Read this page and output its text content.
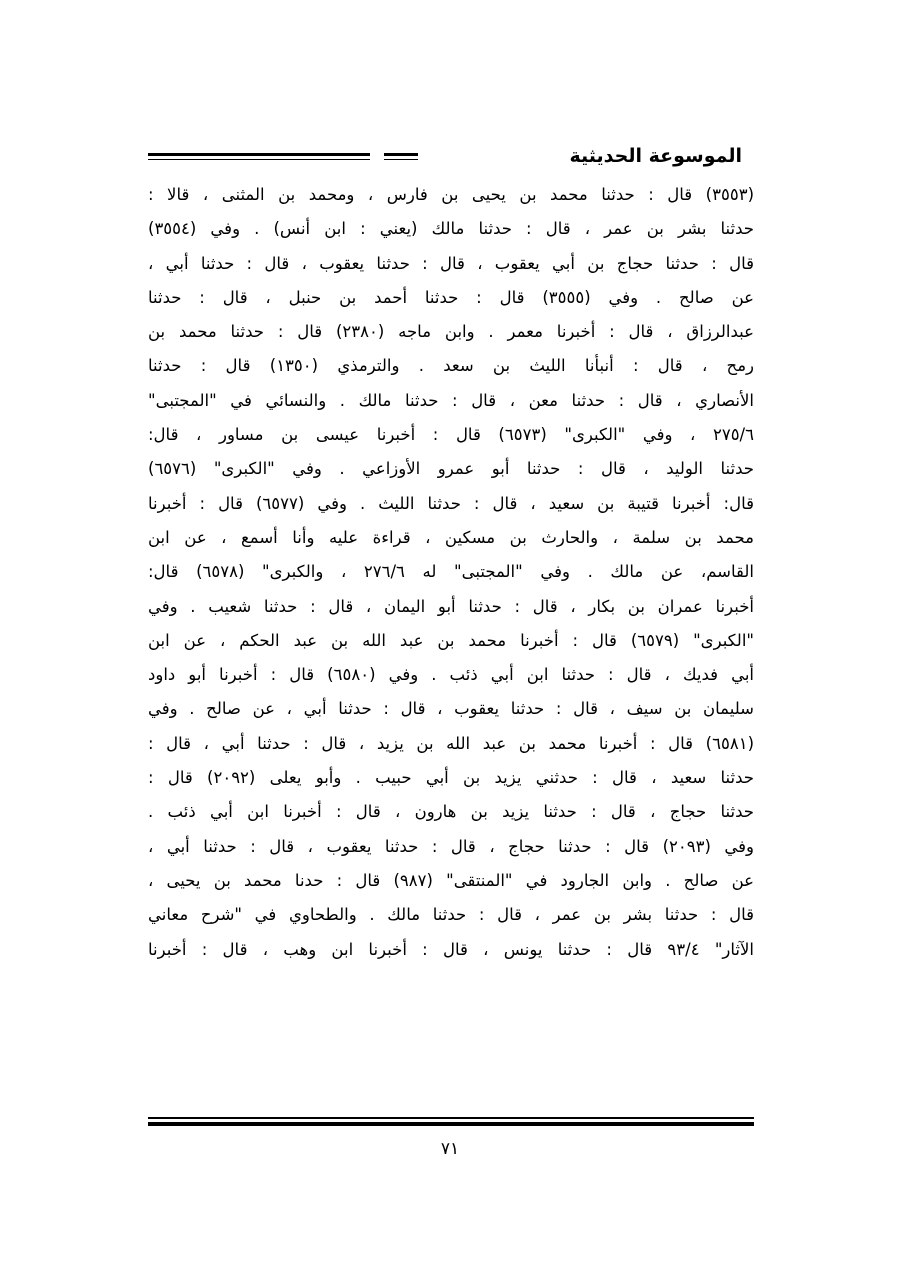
الموسوعة الحديثية
(٣٥٥٣) قال : حدثنا محمد بن يحيى بن فارس ، ومحمد بن المثنى ، قالا :
حدثنا بشر بن عمر ، قال : حدثنا مالك (يعني : ابن أنس) . وفي (٣٥٥٤)
قال : حدثنا حجاج بن أبي يعقوب ، قال : حدثنا يعقوب ، قال : حدثنا أبي ،
عن صالح . وفي (٣٥٥٥) قال : حدثنا أحمد بن حنبل ، قال : حدثنا
عبدالرزاق ، قال : أخبرنا معمر . وابن ماجه (٢٣٨٠) قال : حدثنا محمد بن
رمح ، قال : أنبأنا الليث بن سعد . والترمذي (١٣٥٠) قال : حدثنا
الأنصاري ، قال : حدثنا معن ، قال : حدثنا مالك . والنسائي في "المجتبى"
٢٧٥/٦ ، وفي "الكبرى" (٦٥٧٣) قال : أخبرنا عيسى بن مساور ، قال:
حدثنا الوليد ، قال : حدثنا أبو عمرو الأوزاعي . وفي "الكبرى" (٦٥٧٦)
قال: أخبرنا قتيبة بن سعيد ، قال : حدثنا الليث . وفي (٦٥٧٧) قال : أخبرنا
محمد بن سلمة ، والحارث بن مسكين ، قراءة عليه وأنا أسمع ، عن ابن
القاسم، عن مالك . وفي "المجتبى" له ٢٧٦/٦ ، والكبرى" (٦٥٧٨) قال:
أخبرنا عمران بن بكار ، قال : حدثنا أبو اليمان ، قال : حدثنا شعيب . وفي
"الكبرى" (٦٥٧٩) قال : أخبرنا محمد بن عبد الله بن عبد الحكم ، عن ابن
أبي فديك ، قال : حدثنا ابن أبي ذئب . وفي (٦٥٨٠) قال : أخبرنا أبو داود
سليمان بن سيف ، قال : حدثنا يعقوب ، قال : حدثنا أبي ، عن صالح . وفي
(٦٥٨١) قال : أخبرنا محمد بن عبد الله بن يزيد ، قال : حدثنا أبي ، قال :
حدثنا سعيد ، قال : حدثني يزيد بن أبي حبيب . وأبو يعلى (٢٠٩٢) قال :
حدثنا حجاج ، قال : حدثنا يزيد بن هارون ، قال : أخبرنا ابن أبي ذئب .
وفي (٢٠٩٣) قال : حدثنا حجاج ، قال : حدثنا يعقوب ، قال : حدثنا أبي ،
عن صالح . وابن الجارود في "المنتقى" (٩٨٧) قال : حدنا محمد بن يحيى ،
قال : حدثنا بشر بن عمر ، قال : حدثنا مالك . والطحاوي في "شرح معاني
الآثار" ٩٣/٤ قال : حدثنا يونس ، قال : أخبرنا ابن وهب ، قال : أخبرنا
٧١
